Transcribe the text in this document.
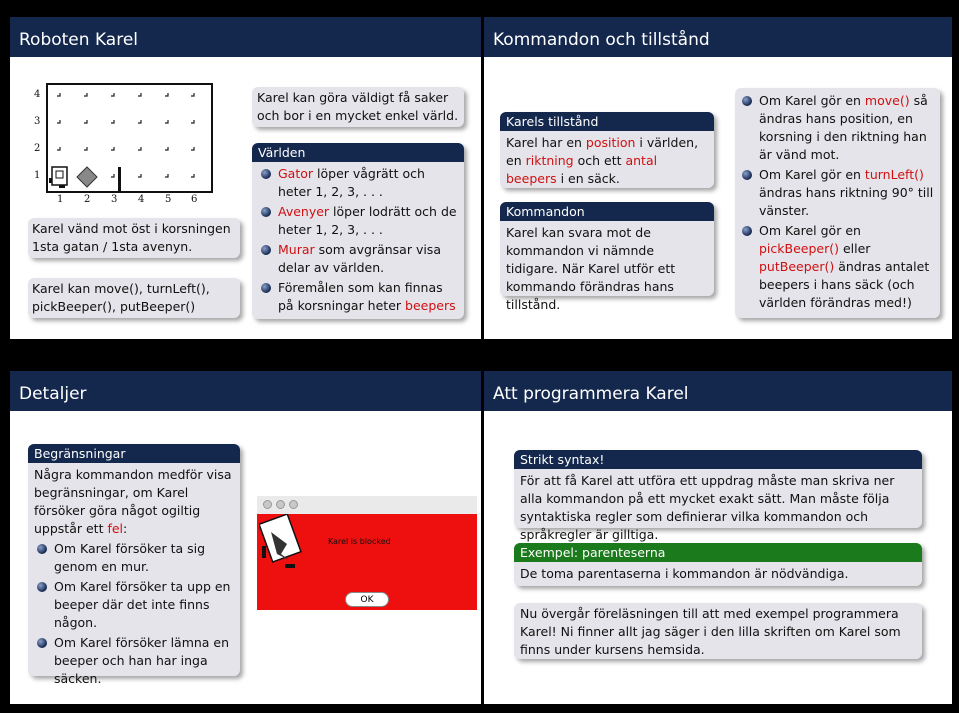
Roboten Karel	Kommandon och tillstånd
Detaljer	Att programmera Karel
4
3
2
1
1 2 3 4 5 6
Karel vänd mot öst i korsningen 1sta gatan / 1sta avenyn.
Karel kan move(), turnLeft(), pickBeeper(), putBeeper()
Karel kan göra väldigt få saker och bor i en mycket enkel värld.
Världen
Gator löper vågrätt och heter 1, 2, 3, . . .
Avenyer löper lodrätt och de heter 1, 2, 3, . . .
Murar som avgränsar visa delar av världen.
Föremålen som kan finnas på korsningar heter beepers
Karels tillstånd
Karel har en position i världen, en riktning och ett antal beepers i en säck.
Kommandon
Karel kan svara mot de kommandon vi nämnde tidigare. När Karel utför ett kommando förändras hans tillstånd.
Om Karel gör en move() så ändras hans position, en korsning i den riktning han är vänd mot.
Om Karel gör en turnLeft() ändras hans riktning 90° till vänster.
Om Karel gör en pickBeeper() eller putBeeper() ändras antalet beepers i hans säck (och världen förändras med!)
Begränsningar
Några kommandon medför visa begränsningar, om Karel försöker göra något ogiltig uppstår ett fel:
Om Karel försöker ta sig genom en mur.
Om Karel försöker ta upp en beeper där det inte finns någon.
Om Karel försöker lämna en beeper och han har inga säcken.
Karel is blocked
OK
Strikt syntax!
För att få Karel att utföra ett uppdrag måste man skriva ner alla kommandon på ett mycket exakt sätt. Man måste följa syntaktiska regler som definierar vilka kommandon och språkregler är gilltiga.
Exempel: parenteserna
De toma parentaserna i kommandon är nödvändiga.
Nu övergår föreläsningen till att med exempel programmera Karel! Ni finner allt jag säger i den lilla skriften om Karel som finns under kursens hemsida.
